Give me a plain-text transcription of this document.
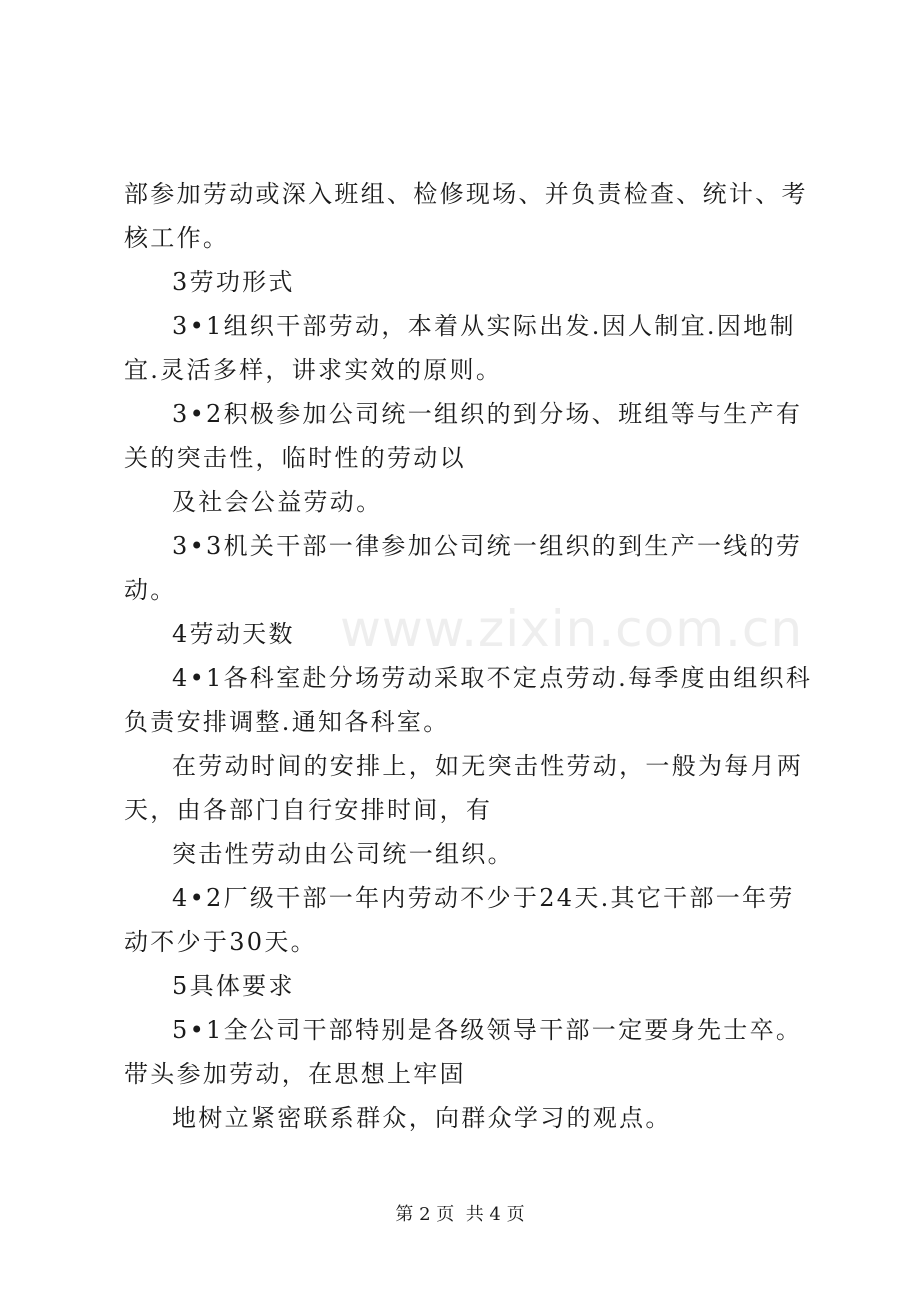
部参加劳动或深入班组、检修现场、并负责检查、统计、考核工作。

3劳功形式

3•1组织干部劳动，本着从实际出发.因人制宜.因地制宜.灵活多样，讲求实效的原则。

3•2积极参加公司统一组织的到分场、班组等与生产有关的突击性，临时性的劳动以

及社会公益劳动。

3•3机关干部一律参加公司统一组织的到生产一线的劳动。

4劳动天数

4•1各科室赴分场劳动采取不定点劳动.每季度由组织科负责安排调整.通知各科室。

在劳动时间的安排上，如无突击性劳动，一般为每月两天，由各部门自行安排时间，有

突击性劳动由公司统一组织。

4•2厂级干部一年内劳动不少于24天.其它干部一年劳动不少于30天。

5具体要求

5•1全公司干部特别是各级领导干部一定要身先士卒。带头参加劳动，在思想上牢固

地树立紧密联系群众，向群众学习的观点。

www.zixin.com.cn
第 2 页  共 4 页
